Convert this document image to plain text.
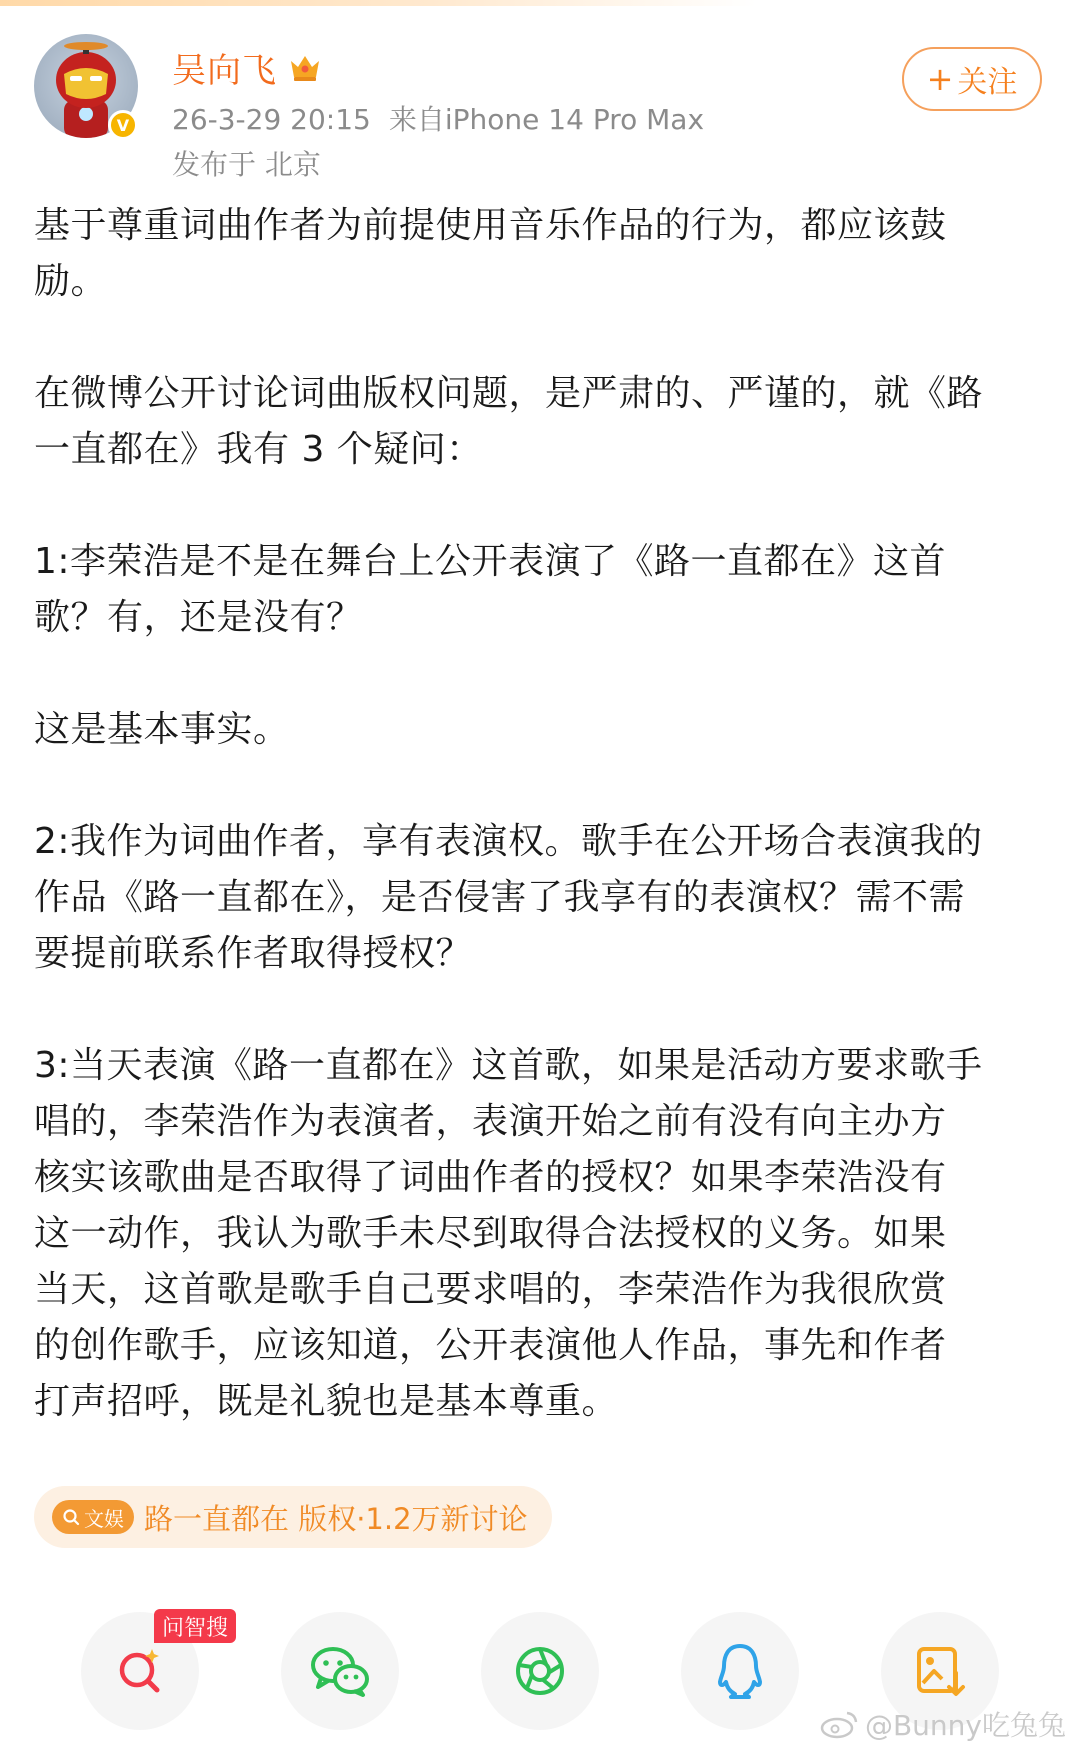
V
吴向飞
26-3-29 20:15 来自iPhone 14 Pro Max
发布于 北京
+ 关注

基于尊重词曲作者为前提使用音乐作品的行为，都应该鼓
励。

在微博公开讨论词曲版权问题，是严肃的、严谨的，就《路
一直都在》我有 3 个疑问：

1:李荣浩是不是在舞台上公开表演了《路一直都在》这首
歌？有，还是没有？

这是基本事实。

2:我作为词曲作者，享有表演权。歌手在公开场合表演我的
作品《路一直都在》，是否侵害了我享有的表演权？需不需
要提前联系作者取得授权？

3:当天表演《路一直都在》这首歌，如果是活动方要求歌手
唱的，李荣浩作为表演者，表演开始之前有没有向主办方
核实该歌曲是否取得了词曲作者的授权？如果李荣浩没有
这一动作，我认为歌手未尽到取得合法授权的义务。如果
当天，这首歌是歌手自己要求唱的，李荣浩作为我很欣赏
的创作歌手，应该知道，公开表演他人作品，事先和作者
打声招呼，既是礼貌也是基本尊重。

文娱 路一直都在 版权·1.2万新讨论
问智搜
@Bunny吃兔兔
